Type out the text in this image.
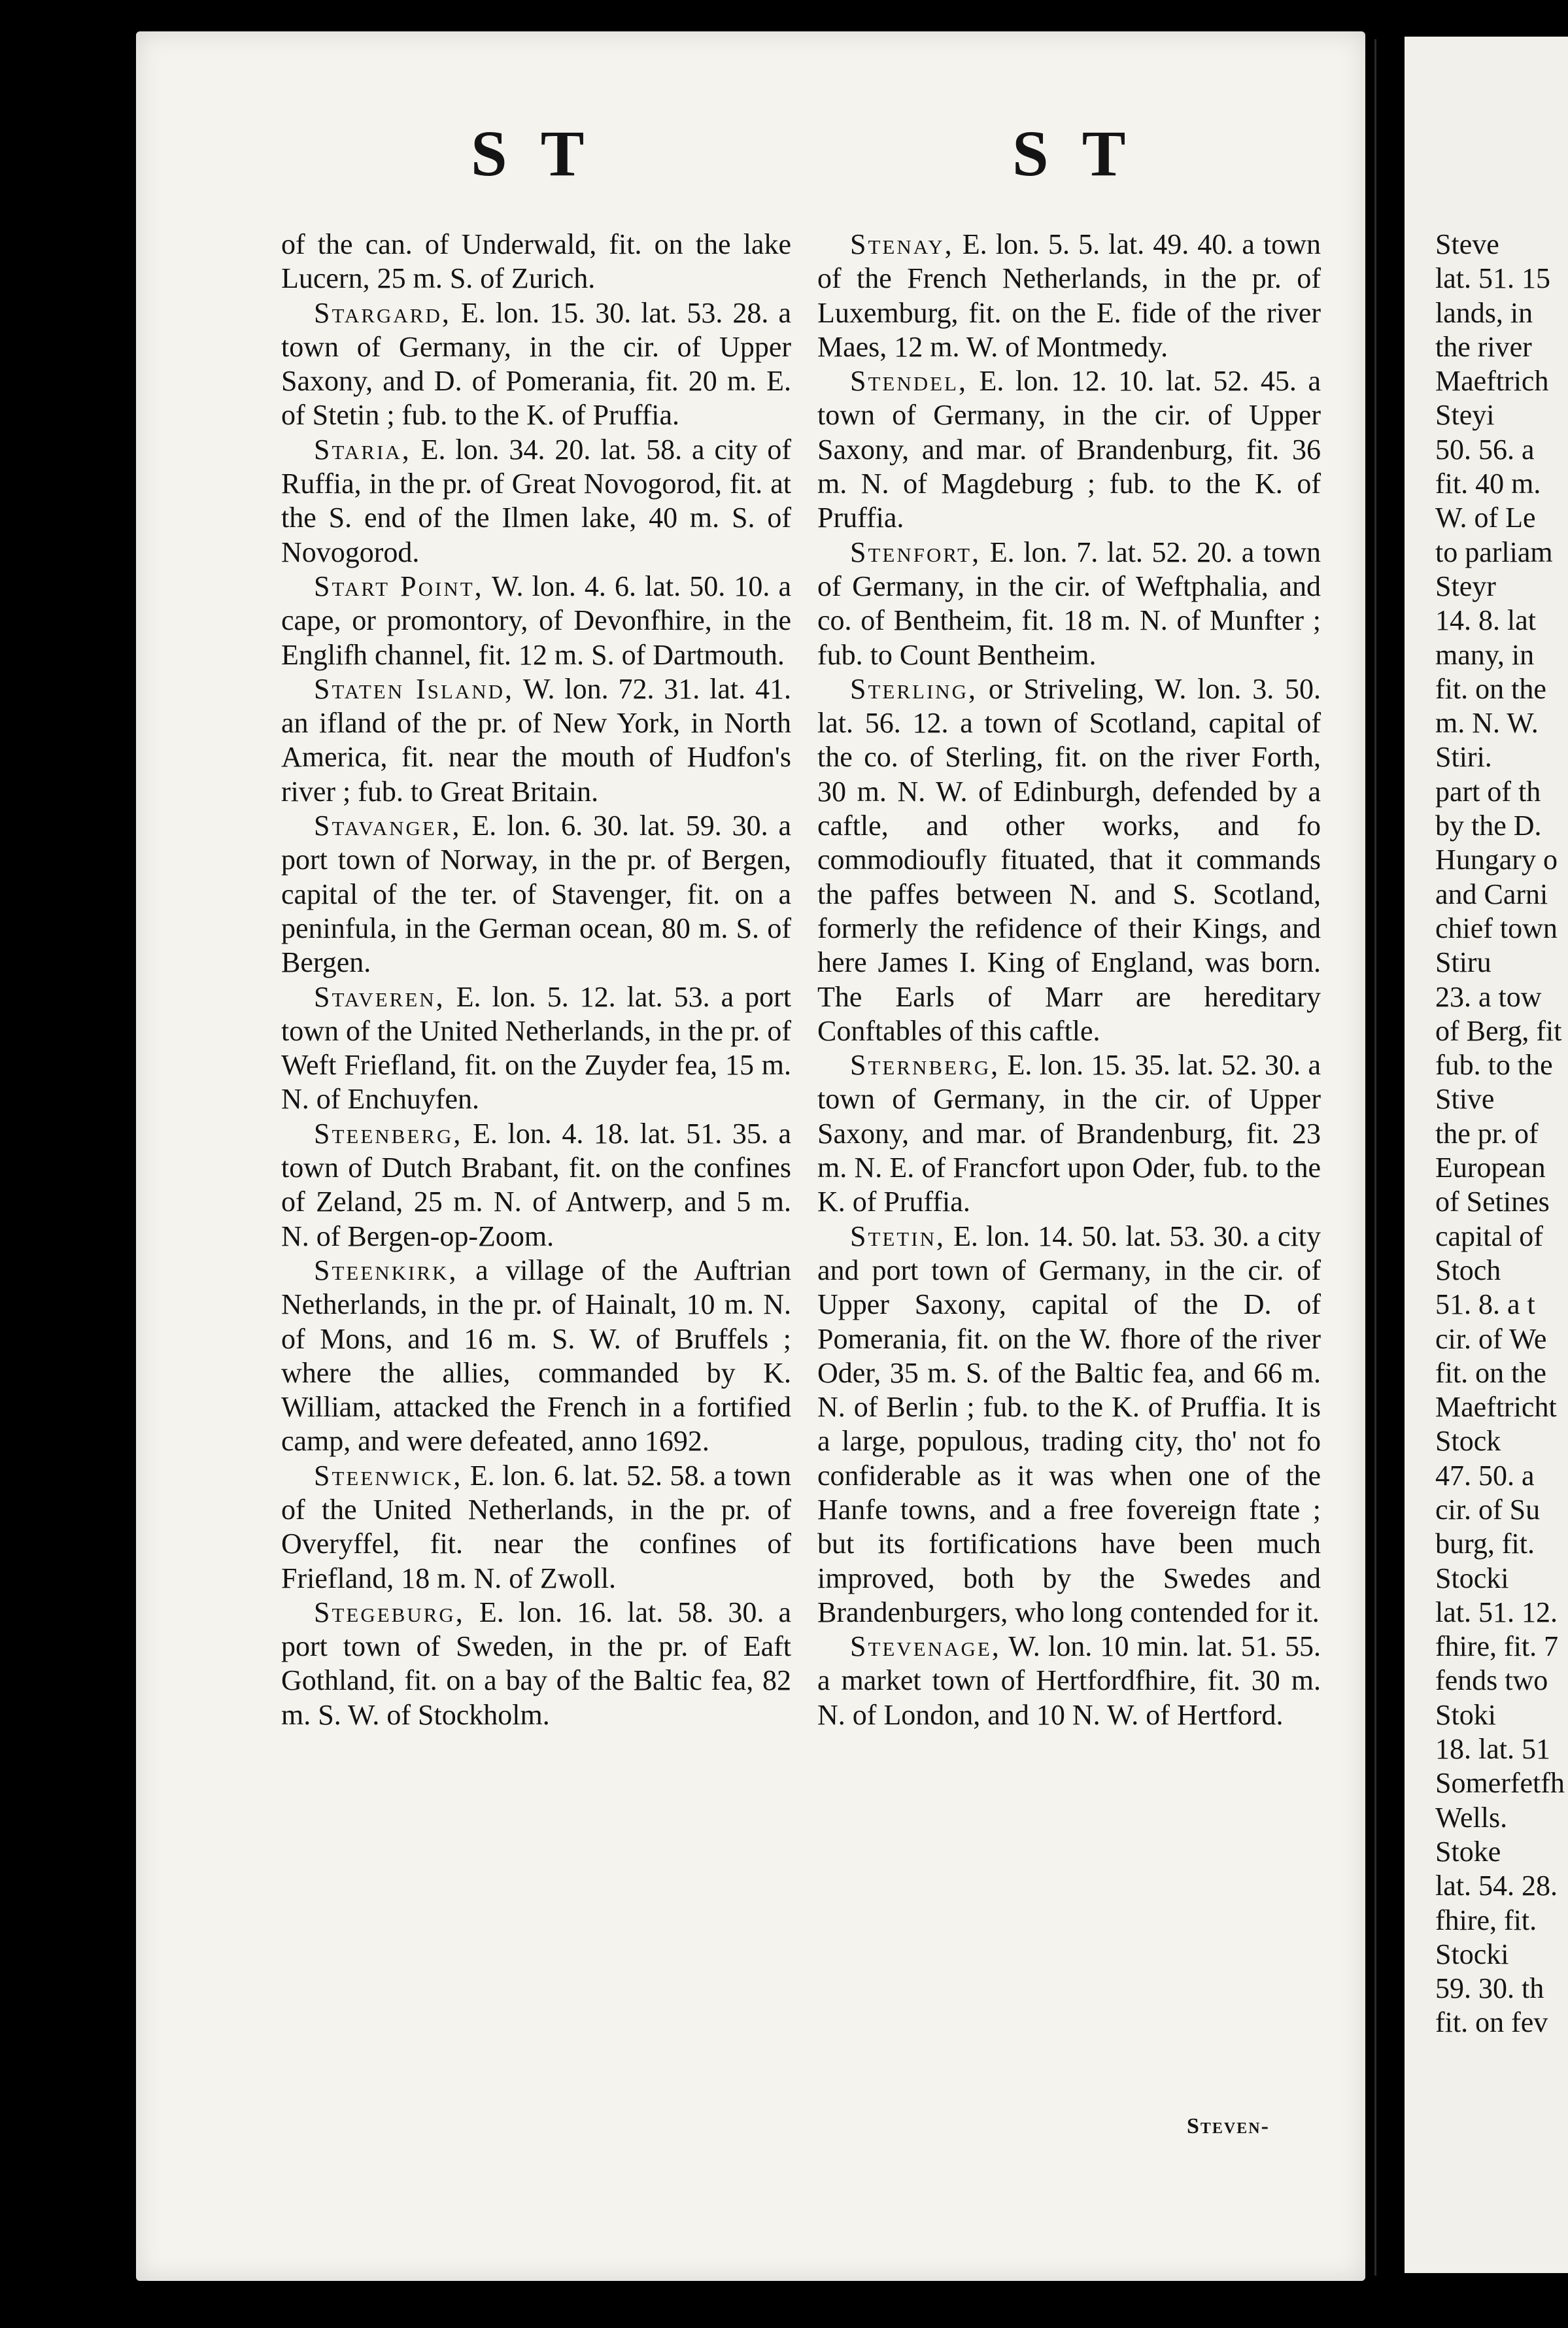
S T	S T

of the can. of Underwald, fit. on the lake Lucern, 25 m. S. of Zurich.

Stargard, E. lon. 15. 30. lat. 53. 28. a town of Germany, in the cir. of Upper Saxony, and D. of Pomerania, fit. 20 m. E. of Stetin ; fub. to the K. of Pruffia.

Staria, E. lon. 34. 20. lat. 58. a city of Ruffia, in the pr. of Great Novogorod, fit. at the S. end of the Ilmen lake, 40 m. S. of Novogorod.

Start Point, W. lon. 4. 6. lat. 50. 10. a cape, or promontory, of Devonfhire, in the Englifh channel, fit. 12 m. S. of Dartmouth.

Staten Island, W. lon. 72. 31. lat. 41. an ifland of the pr. of New York, in North America, fit. near the mouth of Hudfon's river ; fub. to Great Britain.

Stavanger, E. lon. 6. 30. lat. 59. 30. a port town of Norway, in the pr. of Bergen, capital of the ter. of Stavenger, fit. on a peninfula, in the German ocean, 80 m. S. of Bergen.

Staveren, E. lon. 5. 12. lat. 53. a port town of the United Netherlands, in the pr. of Weft Friefland, fit. on the Zuyder fea, 15 m. N. of Enchuyfen.

Steenberg, E. lon. 4. 18. lat. 51. 35. a town of Dutch Brabant, fit. on the confines of Zeland, 25 m. N. of Antwerp, and 5 m. N. of Bergen-op-Zoom.

Steenkirk, a village of the Auftrian Netherlands, in the pr. of Hainalt, 10 m. N. of Mons, and 16 m. S. W. of Bruffels ; where the allies, commanded by K. William, attacked the French in a fortified camp, and were defeated, anno 1692.

Steenwick, E. lon. 6. lat. 52. 58. a town of the United Netherlands, in the pr. of Overyffel, fit. near the confines of Friefland, 18 m. N. of Zwoll.

Stegeburg, E. lon. 16. lat. 58. 30. a port town of Sweden, in the pr. of Eaft Gothland, fit. on a bay of the Baltic fea, 82 m. S. W. of Stockholm.

Stenay, E. lon. 5. 5. lat. 49. 40. a town of the French Netherlands, in the pr. of Luxemburg, fit. on the E. fide of the river Maes, 12 m. W. of Montmedy.

Stendel, E. lon. 12. 10. lat. 52. 45. a town of Germany, in the cir. of Upper Saxony, and mar. of Brandenburg, fit. 36 m. N. of Magdeburg ; fub. to the K. of Pruffia.

Stenfort, E. lon. 7. lat. 52. 20. a town of Germany, in the cir. of Weftphalia, and co. of Bentheim, fit. 18 m. N. of Munfter ; fub. to Count Bentheim.

Sterling, or Striveling, W. lon. 3. 50. lat. 56. 12. a town of Scotland, capital of the co. of Sterling, fit. on the river Forth, 30 m. N. W. of Edinburgh, defended by a caftle, and other works, and fo commodioufly fituated, that it commands the paffes between N. and S. Scotland, formerly the refidence of their Kings, and here James I. King of England, was born. The Earls of Marr are hereditary Conftables of this caftle.

Sternberg, E. lon. 15. 35. lat. 52. 30. a town of Germany, in the cir. of Upper Saxony, and mar. of Brandenburg, fit. 23 m. N. E. of Francfort upon Oder, fub. to the K. of Pruffia.

Stetin, E. lon. 14. 50. lat. 53. 30. a city and port town of Germany, in the cir. of Upper Saxony, capital of the D. of Pomerania, fit. on the W. fhore of the river Oder, 35 m. S. of the Baltic fea, and 66 m. N. of Berlin ; fub. to the K. of Pruffia. It is a large, populous, trading city, tho' not fo confiderable as it was when one of the Hanfe towns, and a free fovereign ftate ; but its fortifications have been much improved, both by the Swedes and Brandenburgers, who long contended for it.

Stevenage, W. lon. 10 min. lat. 51. 55. a market town of Hertfordfhire, fit. 30 m. N. of London, and 10 N. W. of Hertford.

Steve
lat. 51. 15
lands, in
the river
Maeftrich
Steyi
50. 56. a
fit. 40 m.
W. of Le
to parliam
Steyr
14. 8. lat
many, in
fit. on the
m. N. W.
Stiri.
part of th
by the D.
Hungary o
and Carni
chief town
Stiru
23. a tow
of Berg, fit
fub. to the
Stive
the pr. of
European
of Setines
capital of
Stoch
51. 8. a t
cir. of We
fit. on the
Maeftricht
Stock
47. 50. a
cir. of Su
burg, fit.
Stocki
lat. 51. 12.
fhire, fit. 7
fends two
Stoki
18. lat. 51
Somerfetfh
Wells.
Stoke
lat. 54. 28.
fhire, fit.
Stocki
59. 30. th
fit. on fev
Steven-
